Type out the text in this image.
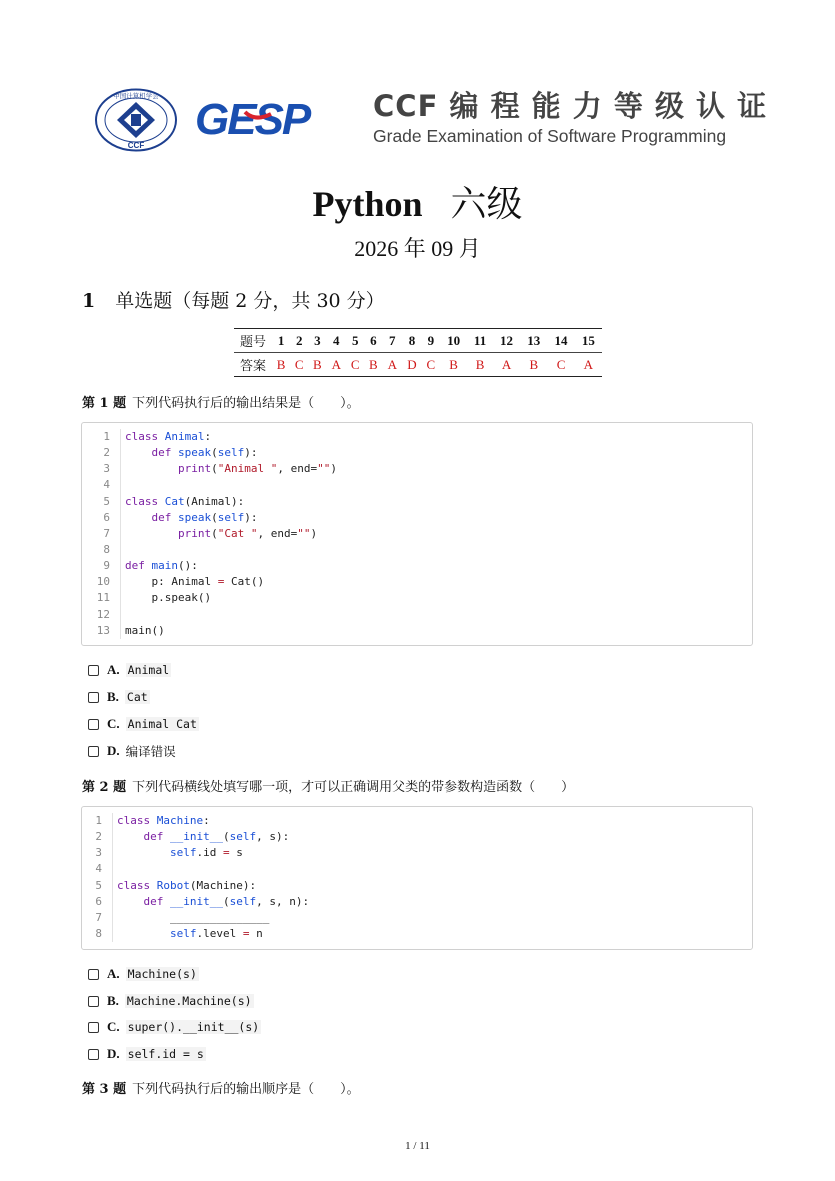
中国计算机学会
CCF
GESP CCF 编 程 能 力 等 级 认 证
Grade Examination of Software Programming
Python 六级
2026 年 09 月
1 单选题（每题 2 分，共 30 分）
题号	1	2	3	4	5	6	7	8	9	10	11	12	13	14	15
答案	B	C	B	A	C	B	A	D	C	B	B	A	B	C	A
第 1 题 下列代码执行后的输出结果是（　　）。
1	class Animal:
2	def speak(self):
3	print("Animal ", end="")
4

5	class Cat(Animal):
6	def speak(self):
7	print("Cat ", end="")
8

9	def main():
10	p: Animal = Cat()
11	p.speak()
12

13	main()
A. Animal
B. Cat
C. Animal Cat
D. 编译错误
第 2 题 下列代码横线处填写哪一项，才可以正确调用父类的带参数构造函数（　　）
1	class Machine:
2	def __init__(self, s):
3	self.id = s
4

5	class Robot(Machine):
6	def __init__(self, s, n):
7	_______________
8	self.level = n
A. Machine(s)
B. Machine.Machine(s)
C. super().__init__(s)
D. self.id = s
第 3 题 下列代码执行后的输出顺序是（　　）。
1 / 11
